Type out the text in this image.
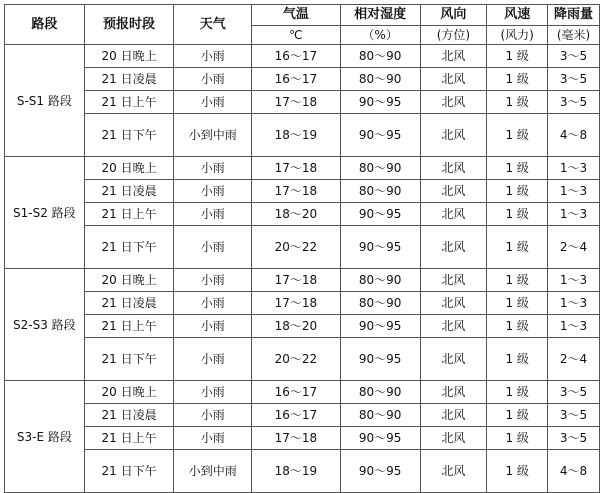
路段	预报时段	天气	气温	相对湿度	风向	风速	降雨量
			℃	（%）	(方位)	(风力)	(毫米)
S-S1 路段	20 日晚上	小雨	16～17	80～90	北风	1 级	3～5
	21 日凌晨	小雨	16～17	80～90	北风	1 级	3～5
	21 日上午	小雨	17～18	90～95	北风	1 级	3～5
	21 日下午	小到中雨	18～19	90～95	北风	1 级	4～8
S1-S2 路段	20 日晚上	小雨	17～18	80～90	北风	1 级	1～3
	21 日凌晨	小雨	17～18	80～90	北风	1 级	1～3
	21 日上午	小雨	18～20	90～95	北风	1 级	1～3
	21 日下午	小雨	20～22	90～95	北风	1 级	2～4
S2-S3 路段	20 日晚上	小雨	17～18	80～90	北风	1 级	1～3
	21 日凌晨	小雨	17～18	80～90	北风	1 级	1～3
	21 日上午	小雨	18～20	90～95	北风	1 级	1～3
	21 日下午	小雨	20～22	90～95	北风	1 级	2～4
S3-E 路段	20 日晚上	小雨	16～17	80～90	北风	1 级	3～5
	21 日凌晨	小雨	16～17	80～90	北风	1 级	3～5
	21 日上午	小雨	17～18	90～95	北风	1 级	3～5
	21 日下午	小到中雨	18～19	90～95	北风	1 级	4～8
